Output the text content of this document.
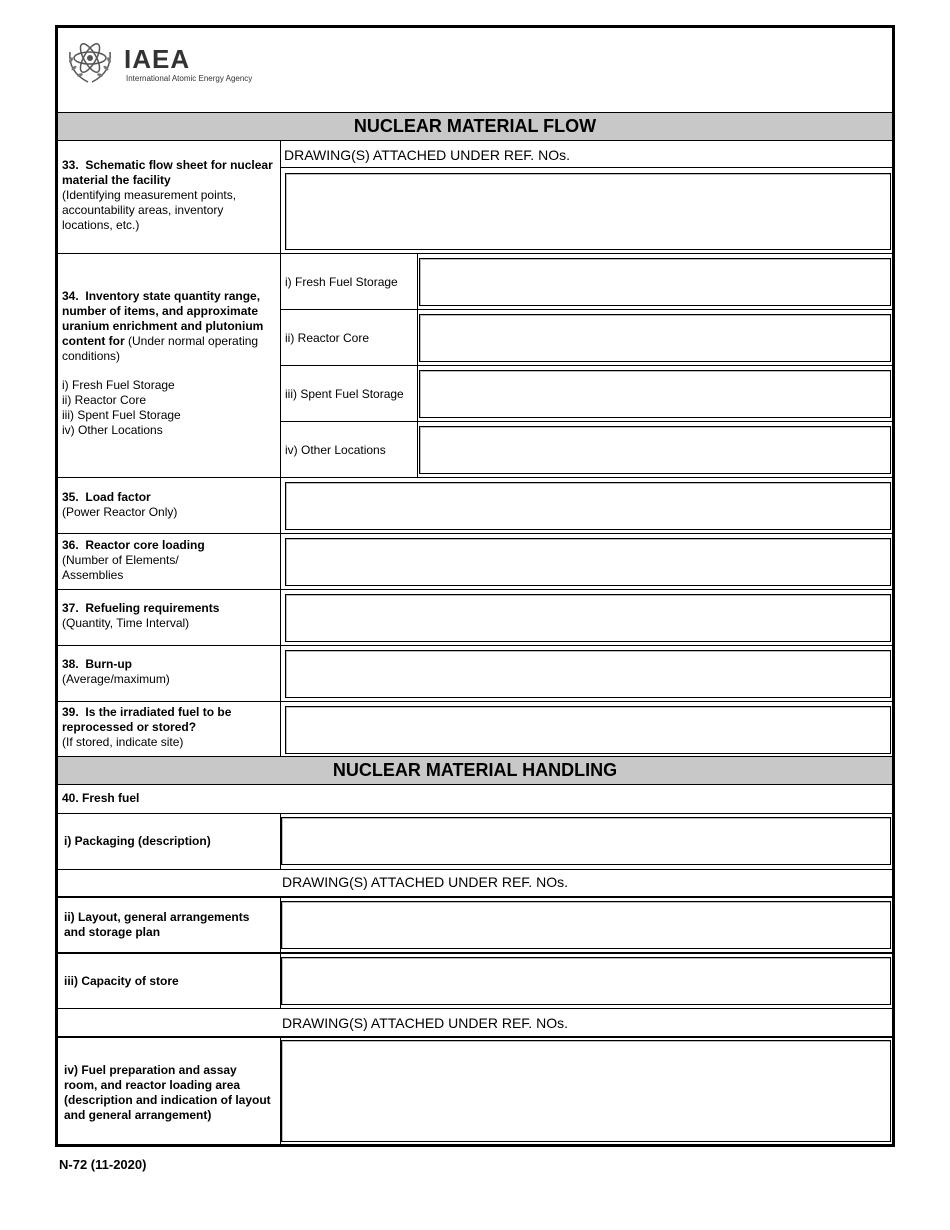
IAEA
International Atomic Energy Agency
NUCLEAR MATERIAL FLOW
33. Schematic flow sheet for nuclear material the facility
(Identifying measurement points, accountability areas, inventory locations, etc.)
DRAWING(S) ATTACHED UNDER REF. NOs.
34. Inventory state quantity range, number of items, and approximate uranium enrichment and plutonium content for (Under normal operating conditions)
i) Fresh Fuel Storage
ii) Reactor Core
iii) Spent Fuel Storage
iv) Other Locations
i) Fresh Fuel Storage
ii) Reactor Core
iii) Spent Fuel Storage
iv) Other Locations
35. Load factor
(Power Reactor Only)
36. Reactor core loading
(Number of Elements/
Assemblies
37. Refueling requirements
(Quantity, Time Interval)
38. Burn-up
(Average/maximum)
39. Is the irradiated fuel to be
reprocessed or stored?
(If stored, indicate site)
NUCLEAR MATERIAL HANDLING
40. Fresh fuel
i) Packaging (description)
DRAWING(S) ATTACHED UNDER REF. NOs.
ii) Layout, general arrangements
and storage plan
iii) Capacity of store
DRAWING(S) ATTACHED UNDER REF. NOs.
iv) Fuel preparation and assay
room, and reactor loading area
(description and indication of layout
and general arrangement)
N-72 (11-2020)
